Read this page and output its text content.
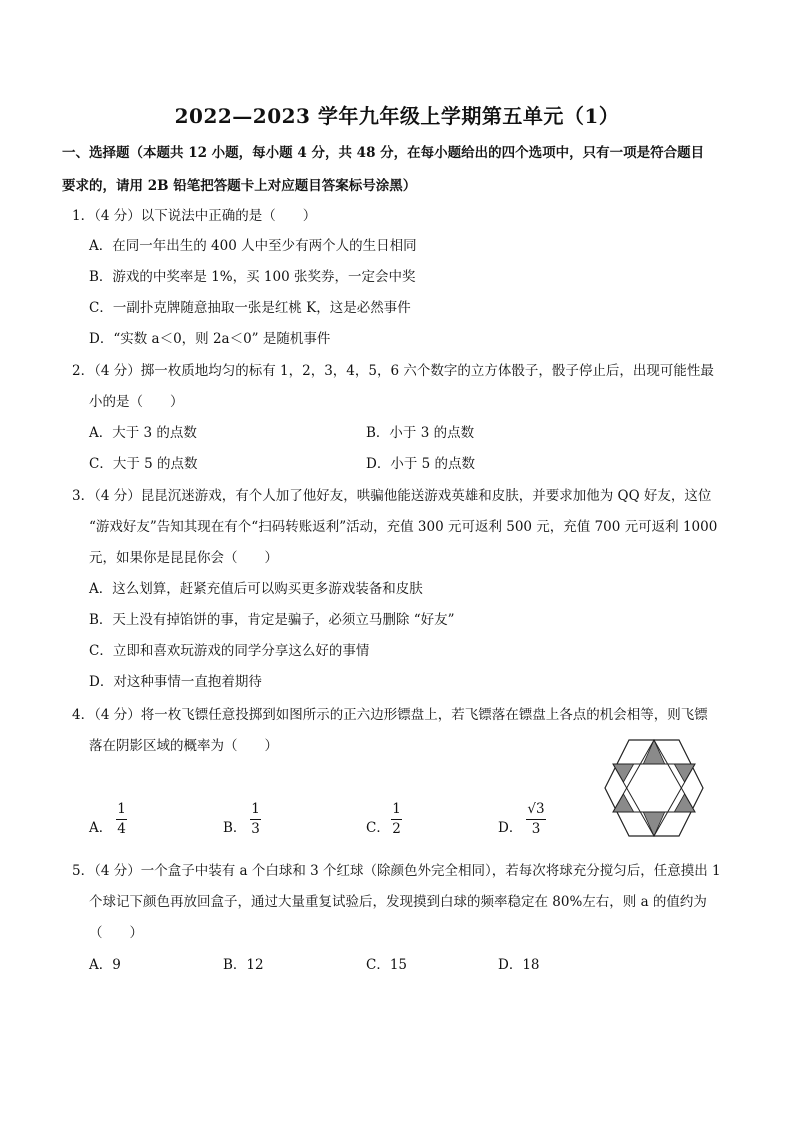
2022—2023 学年九年级上学期第五单元（1）
一、选择题（本题共 12 小题，每小题 4 分，共 48 分，在每小题给出的四个选项中，只有一项是符合题目
要求的，请用 2B 铅笔把答题卡上对应题目答案标号涂黑）
1．（4 分）以下说法中正确的是（　　）
A．在同一年出生的 400 人中至少有两个人的生日相同
B．游戏的中奖率是 1%，买 100 张奖券，一定会中奖
C．一副扑克牌随意抽取一张是红桃 K，这是必然事件
D．“实数 a＜0，则 2a＜0” 是随机事件
2．（4 分）掷一枚质地均匀的标有 1，2，3，4，5，6 六个数字的立方体骰子，骰子停止后，出现可能性最
小的是（　　）
A．大于 3 的点数	B．小于 3 的点数
C．大于 5 的点数	D．小于 5 的点数
3．（4 分）昆昆沉迷游戏，有个人加了他好友，哄骗他能送游戏英雄和皮肤，并要求加他为 QQ 好友，这位
“游戏好友”告知其现在有个“扫码转账返利”活动，充值 300 元可返利 500 元，充值 700 元可返利 1000
元，如果你是昆昆你会（　　）
A．这么划算，赶紧充值后可以购买更多游戏装备和皮肤
B．天上没有掉馅饼的事，肯定是骗子，必须立马删除 “好友”
C．立即和喜欢玩游戏的同学分享这么好的事情
D．对这种事情一直抱着期待
4．（4 分）将一枚飞镖任意投掷到如图所示的正六边形镖盘上，若飞镖落在镖盘上各点的机会相等，则飞镖
落在阴影区域的概率为（　　）
A．
1
4	B．
1
3	C．
1
2	D．
√3
3
5．（4 分）一个盒子中装有 a 个白球和 3 个红球（除颜色外完全相同），若每次将球充分搅匀后，任意摸出 1
个球记下颜色再放回盒子，通过大量重复试验后，发现摸到白球的频率稳定在 80%左右，则 a 的值约为
（　　）
A．9	B．12	C．15	D．18
